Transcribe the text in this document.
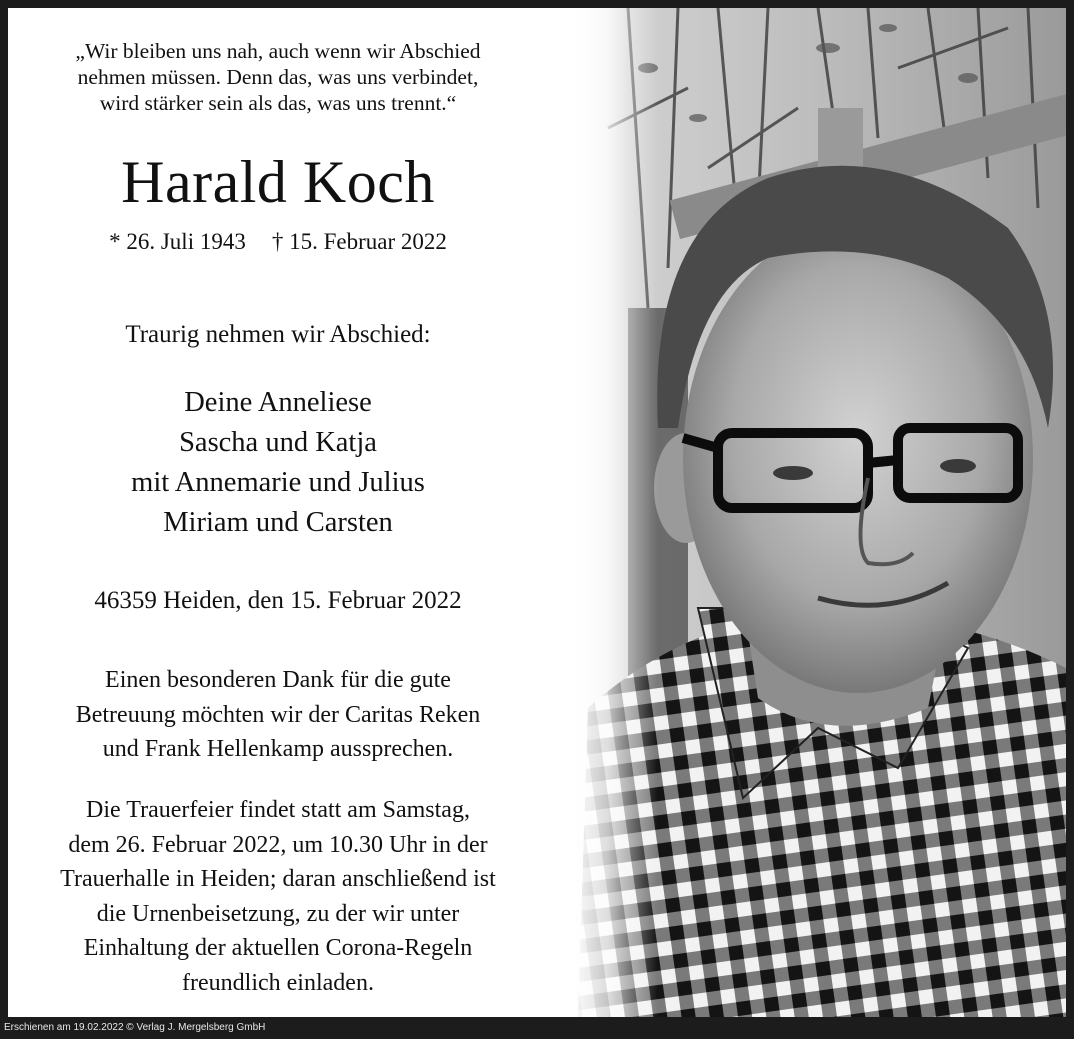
„Wir bleiben uns nah, auch wenn wir Abschied
nehmen müssen. Denn das, was uns verbindet,
wird stärker sein als das, was uns trennt.“
Harald Koch
* 26. Juli 1943 † 15. Februar 2022
Traurig nehmen wir Abschied:
Deine Anneliese
Sascha und Katja
mit Annemarie und Julius
Miriam und Carsten
46359 Heiden, den 15. Februar 2022
Einen besonderen Dank für die gute
Betreuung möchten wir der Caritas Reken
und Frank Hellenkamp aussprechen.
Die Trauerfeier findet statt am Samstag,
dem 26. Februar 2022, um 10.30 Uhr in der
Trauerhalle in Heiden; daran anschließend ist
die Urnenbeisetzung, zu der wir unter
Einhaltung der aktuellen Corona-Regeln
freundlich einladen.
Erschienen am 19.02.2022 © Verlag J. Mergelsberg GmbH
